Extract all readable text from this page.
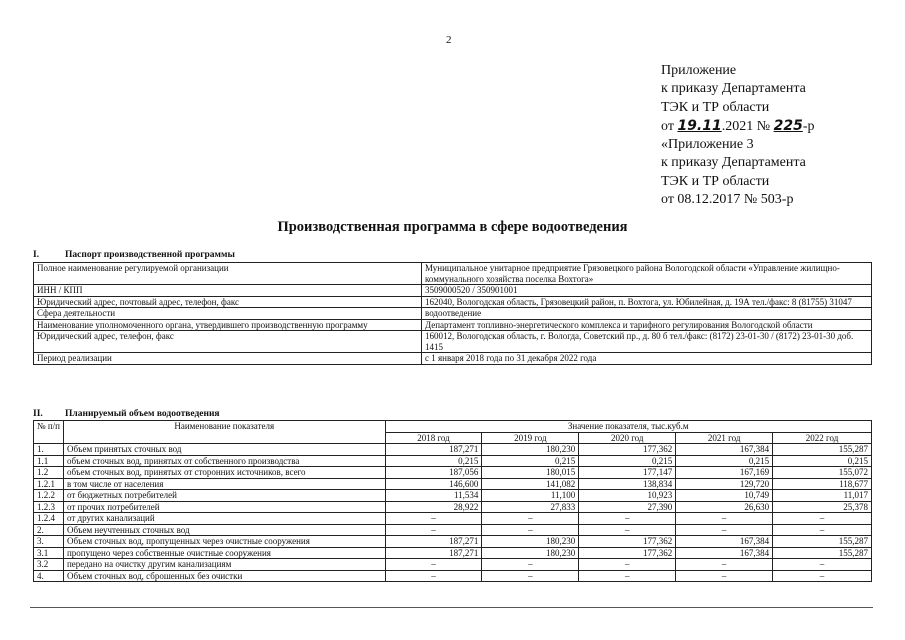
2
Приложение
к приказу Департамента
ТЭК и ТР области
от 19.11.2021 № 225-р
«Приложение 3
к приказу Департамента
ТЭК и ТР области
от 08.12.2017 № 503-р
Производственная программа в сфере водоотведения
I.	Паспорт производственной программы
Полное наименование регулируемой организации	Муниципальное унитарное предприятие Грязовецкого района Вологодской области «Управление жилищно-коммунального хозяйства поселка Вохтога»
ИНН / КПП	3509000520 / 350901001
Юридический адрес, почтовый адрес, телефон, факс	162040, Вологодская область, Грязовецкий район, п. Вохтога, ул. Юбилейная, д. 19А тел./факс: 8 (81755) 31047
Сфера деятельности	водоотведение
Наименование уполномоченного органа, утвердившего производственную программу	Департамент топливно-энергетического комплекса и тарифного регулирования Вологодской области
Юридический адрес, телефон, факс	160012, Вологодская область, г. Вологда, Советский пр., д. 80 б тел./факс: (8172) 23-01-30 / (8172) 23-01-30 доб. 1415
Период реализации	с 1 января 2018 года по 31 декабря 2022 года
II. Планируемый объем водоотведения
№ п/п	Наименование показателя	Значение показателя, тыс.куб.м				
		2018 год	2019 год	2020 год	2021 год	2022 год
1.	Объем принятых сточных вод	187,271	180,230	177,362	167,384	155,287
1.1	объем сточных вод, принятых от собственного производства	0,215	0,215	0,215	0,215	0,215
1.2	объем сточных вод, принятых от сторонних источников, всего	187,056	180,015	177,147	167,169	155,072
1.2.1	в том числе от населения	146,600	141,082	138,834	129,720	118,677
1.2.2	от бюджетных потребителей	11,534	11,100	10,923	10,749	11,017
1.2.3	от прочих потребителей	28,922	27,833	27,390	26,630	25,378
1.2.4	от других канализаций	–	–	–	–	–
2.	Объем неучтенных сточных вод	–	–	–	–	–
3.	Объем сточных вод, пропущенных через очистные сооружения	187,271	180,230	177,362	167,384	155,287
3.1	пропущено через собственные очистные сооружения	187,271	180,230	177,362	167,384	155,287
3.2	передано на очистку другим канализациям	–	–	–	–	–
4.	Объем сточных вод, сброшенных без очистки	–	–	–	–	–
